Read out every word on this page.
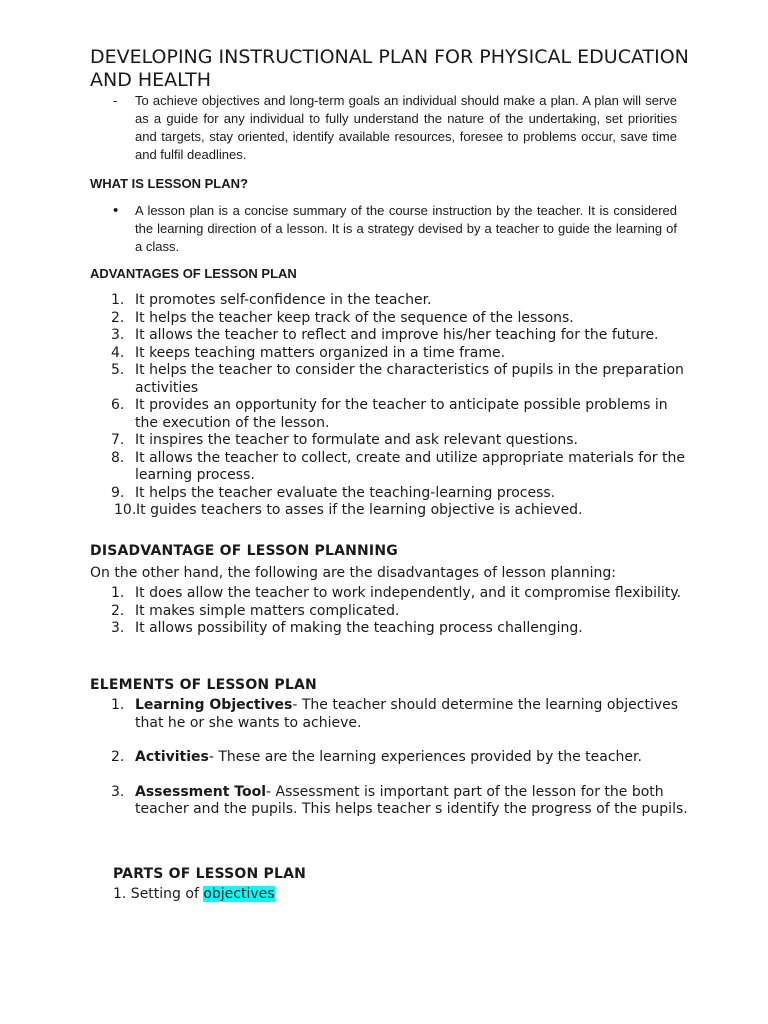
DEVELOPING INSTRUCTIONAL PLAN FOR PHYSICAL EDUCATION AND HEALTH
- To achieve objectives and long-term goals an individual should make a plan. A plan will serve as a guide for any individual to fully understand the nature of the undertaking, set priorities and targets, stay oriented, identify available resources, foresee to problems occur, save time and fulfil deadlines.
WHAT IS LESSON PLAN?
• A lesson plan is a concise summary of the course instruction by the teacher. It is considered the learning direction of a lesson. It is a strategy devised by a teacher to guide the learning of a class.
ADVANTAGES OF LESSON PLAN
1. It promotes self-confidence in the teacher.
2. It helps the teacher keep track of the sequence of the lessons.
3. It allows the teacher to reflect and improve his/her teaching for the future.
4. It keeps teaching matters organized in a time frame.
5. It helps the teacher to consider the characteristics of pupils in the preparation activities
6. It provides an opportunity for the teacher to anticipate possible problems in the execution of the lesson.
7. It inspires the teacher to formulate and ask relevant questions.
8. It allows the teacher to collect, create and utilize appropriate materials for the learning process.
9. It helps the teacher evaluate the teaching-learning process.
10. It guides teachers to asses if the learning objective is achieved.
DISADVANTAGE OF LESSON PLANNING
On the other hand, the following are the disadvantages of lesson planning:
1. It does allow the teacher to work independently, and it compromise flexibility.
2. It makes simple matters complicated.
3. It allows possibility of making the teaching process challenging.
ELEMENTS OF LESSON PLAN
1. Learning Objectives- The teacher should determine the learning objectives that he or she wants to achieve.
2. Activities- These are the learning experiences provided by the teacher.
3. Assessment Tool- Assessment is important part of the lesson for the both teacher and the pupils. This helps teacher s identify the progress of the pupils.
PARTS OF LESSON PLAN
1. Setting of objectives
